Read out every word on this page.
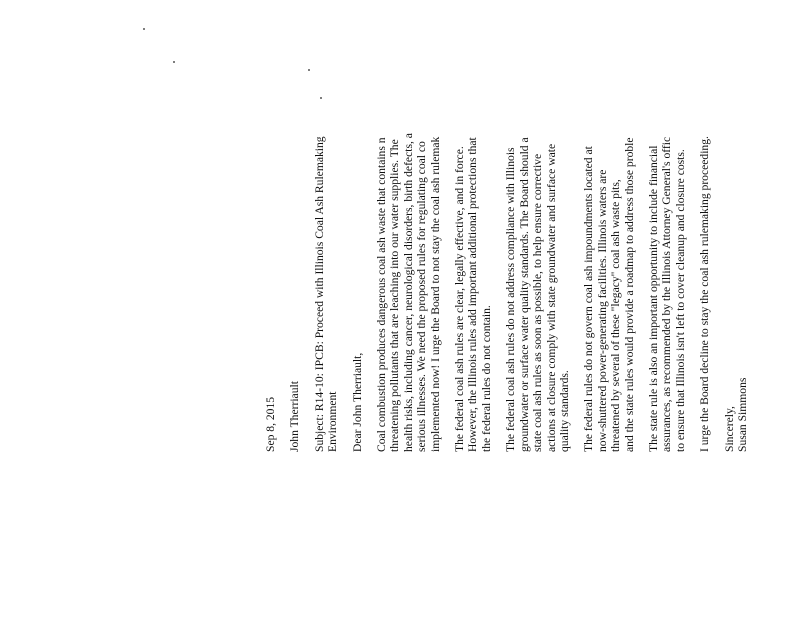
Sep 8, 2015 John Therriault Subject: R14-10: IPCB: Proceed with Illinois Coal Ash Rulemaking Environment Dear John Therriault, Coal combustion produces dangerous coal ash waste that contains n threatening pollutants that are leaching into our water supplies. The health risks, including cancer, neurological disorders, birth defects, a serious illnesses. We need the proposed rules for regulating coal co implemented now! I urge the Board to not stay the coal ash rulemak The federal coal ash rules are clear, legally effective, and in force. However, the Illinois rules add important additional protections that the federal rules do not contain. The federal coal ash rules do not address compliance with Illinois groundwater or surface water quality standards. The Board should a state coal ash rules as soon as possible, to help ensure corrective actions at closure comply with state groundwater and surface wate quality standards. The federal rules do not govern coal ash impoundments located at now-shuttered power-generating facilities. Illinois waters are threatened by several of these "legacy" coal ash waste pits, and the state rules would provide a roadmap to address those proble The state rule is also an important opportunity to include financial assurances, as recommended by the Illinois Attorney General's offic to ensure that Illinois isn't left to cover cleanup and closure costs. I urge the Board decline to stay the coal ash rulemaking proceeding. Sincerely, Susan Simmons
